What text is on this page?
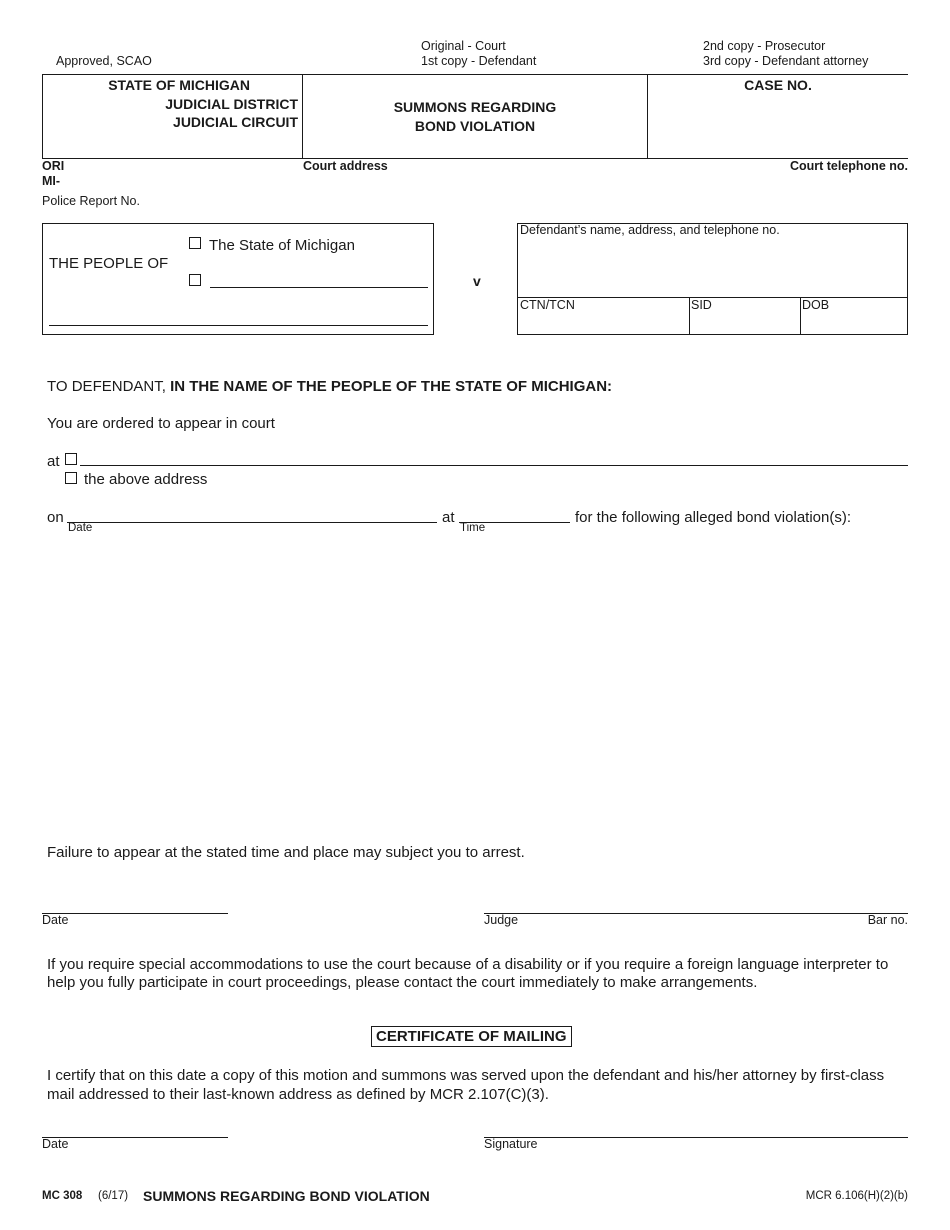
Approved, SCAO
Original - Court
1st copy - Defendant
2nd copy - Prosecutor
3rd copy - Defendant attorney
STATE OF MICHIGAN
JUDICIAL DISTRICT
JUDICIAL CIRCUIT
SUMMONS REGARDING
BOND VIOLATION
CASE NO.
ORI
MI-
Court address	Court telephone no.
Police Report No.
THE PEOPLE OF
The State of Michigan
v
Defendant’s name, address, and telephone no.
CTN/TCN	SID	DOB
TO DEFENDANT, IN THE NAME OF THE PEOPLE OF THE STATE OF MICHIGAN:
You are ordered to appear in court
at
the above address
on
Date
at
Time
for the following alleged bond violation(s):
Failure to appear at the stated time and place may subject you to arrest.
Date	Judge	Bar no.
If you require special accommodations to use the court because of a disability or if you require a foreign language interpreter to
help you fully participate in court proceedings, please contact the court immediately to make arrangements.
CERTIFICATE OF MAILING
I certify that on this date a copy of this motion and summons was served upon the defendant and his/her attorney by first-class
mail addressed to their last-known address as defined by MCR 2.107(C)(3).
Date	Signature
MC 308 (6/17) SUMMONS REGARDING BOND VIOLATION	MCR 6.106(H)(2)(b)
